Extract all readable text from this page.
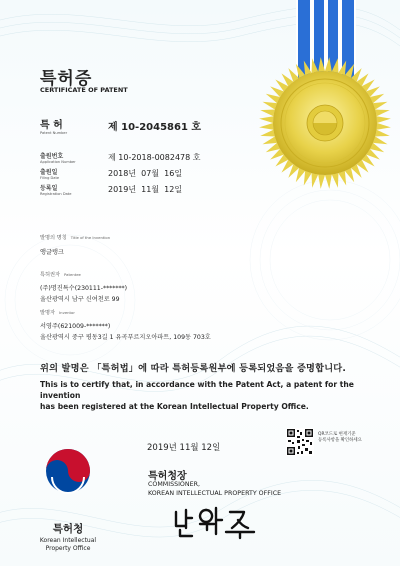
특허증
CERTIFICATE OF PATENT
특 허
Patent Number	제 10-2045861 호
출원번호
Application Number	제 10-2018-0082478 호
출원일
Filing Date	2018년  07월  16일
등록일
Registration Date	2019년  11월  12일
발명의 명칭 Title of the Invention
앵글탱크
특허권자 Patentee
(주)명진특수(230111-*******)
울산광역시 남구 신여천로 99
발명자 Inventor
서영주(621009-*******)
울산광역시 중구 평동3길 1 유곡푸르지오아파트, 109동 703호
위의 발명은 「특허법」에 따라 특허등록원부에 등록되었음을 증명합니다.
This is to certify that, in accordance with the Patent Act, a patent for the invention
has been registered at the Korean Intellectual Property Office.
2019년 11월 12일
특허청장
COMMISSIONER,
KOREAN INTELLECTUAL PROPERTY OFFICE
특허청
Korean Intellectual
Property Office
QR코드로 현재기준
등록사항을 확인하세요
